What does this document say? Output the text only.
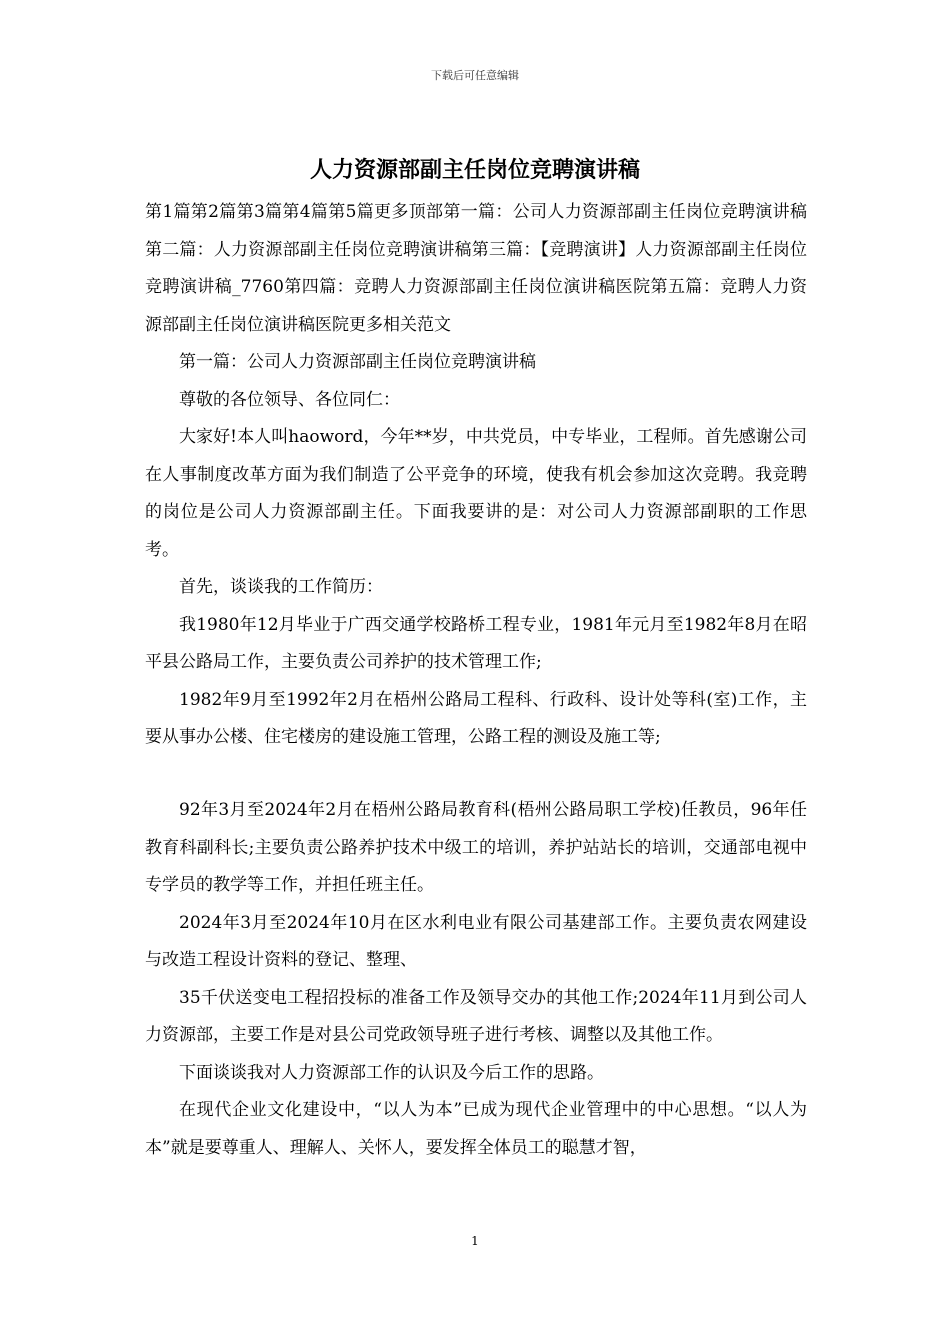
下载后可任意编辑
人力资源部副主任岗位竞聘演讲稿

第1篇第2篇第3篇第4篇第5篇更多顶部第一篇：公司人力资源部副主任岗位竞聘演讲稿第二篇：人力资源部副主任岗位竞聘演讲稿第三篇：【竞聘演讲】人力资源部副主任岗位竞聘演讲稿_7760第四篇：竞聘人力资源部副主任岗位演讲稿医院第五篇：竞聘人力资源部副主任岗位演讲稿医院更多相关范文

第一篇：公司人力资源部副主任岗位竞聘演讲稿

尊敬的各位领导、各位同仁：

大家好!本人叫haoword，今年**岁，中共党员，中专毕业，工程师。首先感谢公司在人事制度改革方面为我们制造了公平竞争的环境，使我有机会参加这次竞聘。我竞聘的岗位是公司人力资源部副主任。下面我要讲的是：对公司人力资源部副职的工作思考。

首先，谈谈我的工作简历：

我1980年12月毕业于广西交通学校路桥工程专业，1981年元月至1982年8月在昭平县公路局工作，主要负责公司养护的技术管理工作;

1982年9月至1992年2月在梧州公路局工程科、行政科、设计处等科(室)工作，主要从事办公楼、住宅楼房的建设施工管理，公路工程的测设及施工等;

92年3月至2024年2月在梧州公路局教育科(梧州公路局职工学校)任教员，96年任教育科副科长;主要负责公路养护技术中级工的培训，养护站站长的培训，交通部电视中专学员的教学等工作，并担任班主任。

2024年3月至2024年10月在区水利电业有限公司基建部工作。主要负责农网建设与改造工程设计资料的登记、整理、

35千伏送变电工程招投标的准备工作及领导交办的其他工作;2024年11月到公司人力资源部，主要工作是对县公司党政领导班子进行考核、调整以及其他工作。

下面谈谈我对人力资源部工作的认识及今后工作的思路。

在现代企业文化建设中，“以人为本”已成为现代企业管理中的中心思想。“以人为本”就是要尊重人、理解人、关怀人，要发挥全体员工的聪慧才智，

1
